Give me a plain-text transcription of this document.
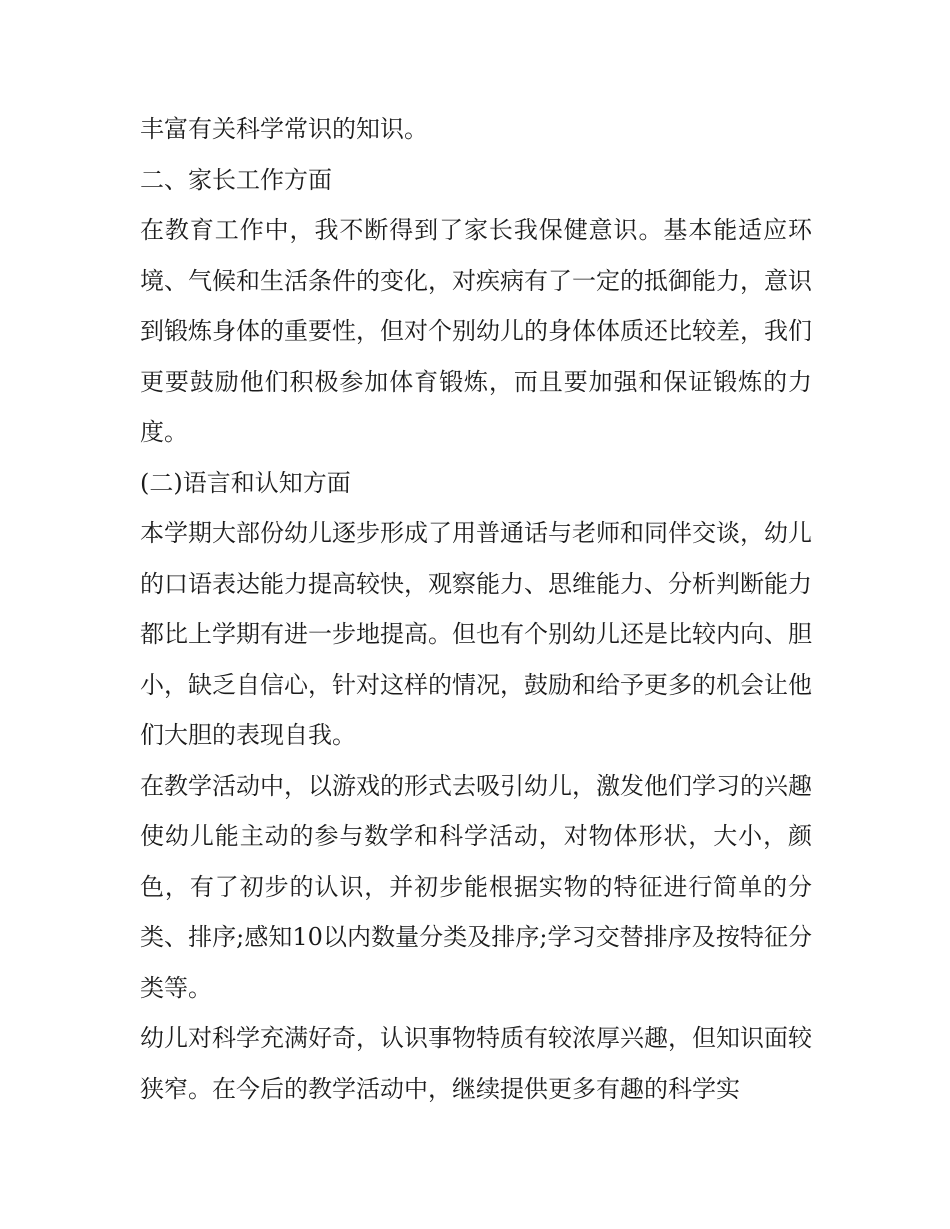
丰富有关科学常识的知识。

二、家长工作方面

在教育工作中，我不断得到了家长我保健意识。基本能适应环境、气候和生活条件的变化，对疾病有了一定的抵御能力，意识到锻炼身体的重要性，但对个别幼儿的身体体质还比较差，我们更要鼓励他们积极参加体育锻炼，而且要加强和保证锻炼的力度。

(二)语言和认知方面

本学期大部份幼儿逐步形成了用普通话与老师和同伴交谈，幼儿的口语表达能力提高较快，观察能力、思维能力、分析判断能力都比上学期有进一步地提高。但也有个别幼儿还是比较内向、胆小，缺乏自信心，针对这样的情况，鼓励和给予更多的机会让他们大胆的表现自我。

在教学活动中，以游戏的形式去吸引幼儿，激发他们学习的兴趣使幼儿能主动的参与数学和科学活动，对物体形状，大小，颜色，有了初步的认识，并初步能根据实物的特征进行简单的分类、排序;感知10以内数量分类及排序;学习交替排序及按特征分类等。

幼儿对科学充满好奇，认识事物特质有较浓厚兴趣，但知识面较狭窄。在今后的教学活动中，继续提供更多有趣的科学实
